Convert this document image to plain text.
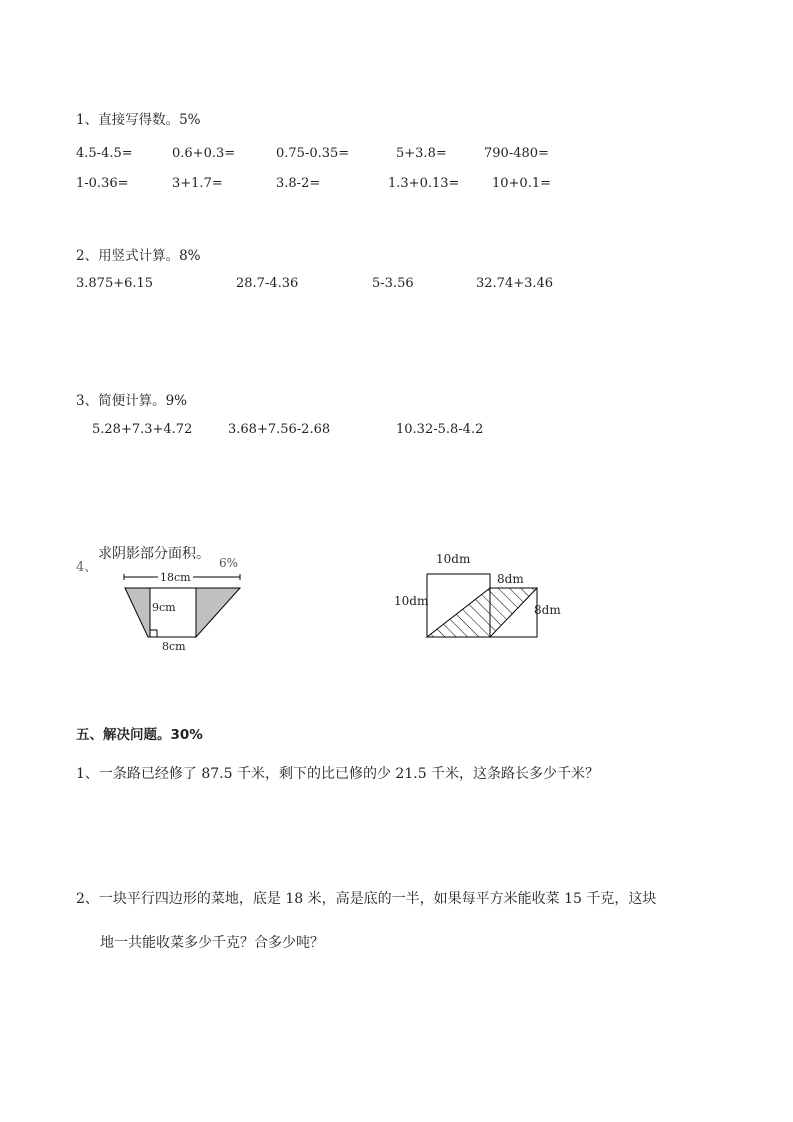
1、直接写得数。5%
4.5-4.5=	0.6+0.3=	0.75-0.35=	5+3.8=	790-480=
1-0.36=	3+1.7=	3.8-2=	1.3+0.13=	10+0.1=
2、用竖式计算。8%
3.875+6.15	28.7-4.36	5-3.56	32.74+3.46
3、简便计算。9%
5.28+7.3+4.72	3.68+7.56-2.68	10.32-5.8-4.2
4、
求阴影部分面积。
6%
18cm
9cm
8cm
10dm
10dm
8dm
8dm
五、解决问题。30%
1、一条路已经修了 87.5 千米，剩下的比已修的少 21.5 千米，这条路长多少千米？
2、一块平行四边形的菜地，底是 18 米，高是底的一半，如果每平方米能收菜 15 千克，这块
地一共能收菜多少千克？合多少吨？
